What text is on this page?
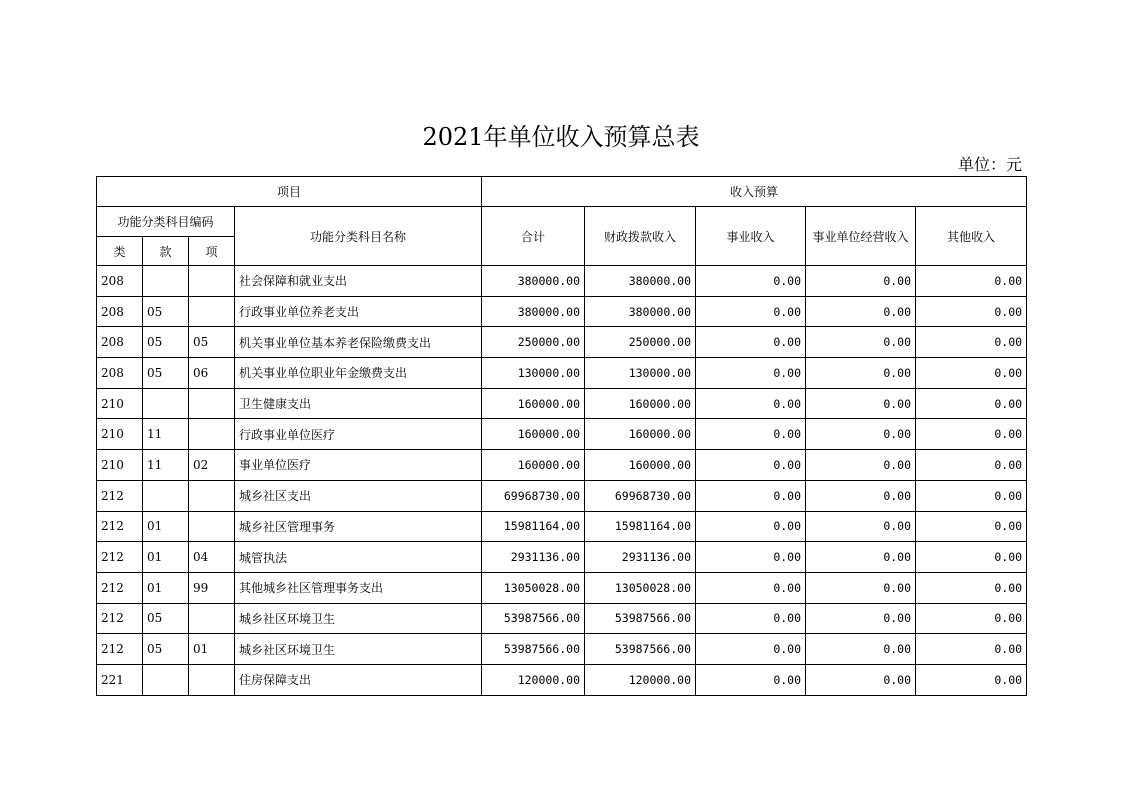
2021年单位收入预算总表
单位：元
项目				收入预算				
功能分类科目编码			功能分类科目名称	合计	财政拨款收入	事业收入	事业单位经营收入	其他收入
类	款	项						
208			社会保障和就业支出	380000.00	380000.00	0.00	0.00	0.00
208	05		行政事业单位养老支出	380000.00	380000.00	0.00	0.00	0.00
208	05	05	机关事业单位基本养老保险缴费支出	250000.00	250000.00	0.00	0.00	0.00
208	05	06	机关事业单位职业年金缴费支出	130000.00	130000.00	0.00	0.00	0.00
210			卫生健康支出	160000.00	160000.00	0.00	0.00	0.00
210	11		行政事业单位医疗	160000.00	160000.00	0.00	0.00	0.00
210	11	02	事业单位医疗	160000.00	160000.00	0.00	0.00	0.00
212			城乡社区支出	69968730.00	69968730.00	0.00	0.00	0.00
212	01		城乡社区管理事务	15981164.00	15981164.00	0.00	0.00	0.00
212	01	04	城管执法	2931136.00	2931136.00	0.00	0.00	0.00
212	01	99	其他城乡社区管理事务支出	13050028.00	13050028.00	0.00	0.00	0.00
212	05		城乡社区环境卫生	53987566.00	53987566.00	0.00	0.00	0.00
212	05	01	城乡社区环境卫生	53987566.00	53987566.00	0.00	0.00	0.00
221			住房保障支出	120000.00	120000.00	0.00	0.00	0.00
